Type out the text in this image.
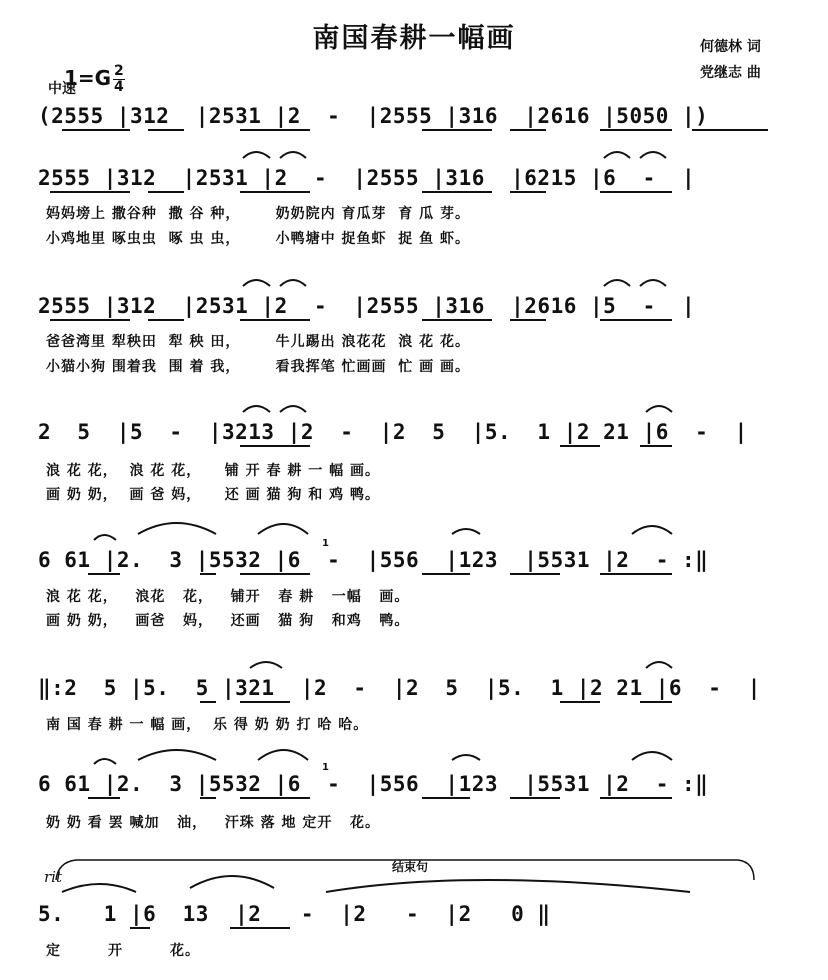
南国春耕一幅画	何德林 词
党继志 曲

$1=G \frac{2}{4}$

中速
(2555 |312  |2531 |2  -  |2555 |316  |2616 |5050 |)
2555 |312  |2531 |2  -  |2555 |316  |6215 |6  -  |
妈妈塝上 撒谷种  撒 谷 种，      奶奶院内 育瓜芽  育 瓜 芽。
小鸡地里 啄虫虫  啄 虫 虫，      小鸭塘中 捉鱼虾  捉 鱼 虾。
2555 |312  |2531 |2  -  |2555 |316  |2616 |5  -  |
爸爸湾里 犁秧田  犁 秧 田，      牛儿踢出 浪花花  浪 花 花。
小猫小狗 围着我  围 着 我，      看我挥笔 忙画画  忙 画 画。
2  5  |5  -  |3213 |2  -  |2  5  |5.  1 |2 21 |6  -  |
浪 花 花，  浪 花 花，    铺 开 春 耕 一 幅 画。
画 奶 奶，  画 爸 妈，    还 画 猫 狗 和 鸡 鸭。
6 61 |2.  3 |5532 |6  -  |556  |123  |5531 |2  - :‖
浪 花 花，   浪花   花，   铺开   春 耕   一幅   画。
画 奶 奶，   画爸   妈，   还画   猫 狗   和鸡   鸭。
‖:2  5 |5.  5 |321  |2  -  |2  5  |5.  1 |2 21 |6  -  |
南 国 春 耕 一 幅 画，  乐 得 奶 奶 打 哈 哈。
6 61 |2.  3 |5532 |6  -  |556  |123  |5531 |2  - :‖
奶 奶 看 罢 喊加   油，   汗珠 落 地 定开   花。
rit
结束句
5.   1 |6  13  |2   -  |2   -  |2   0 ‖
定        开        花。
1
1
